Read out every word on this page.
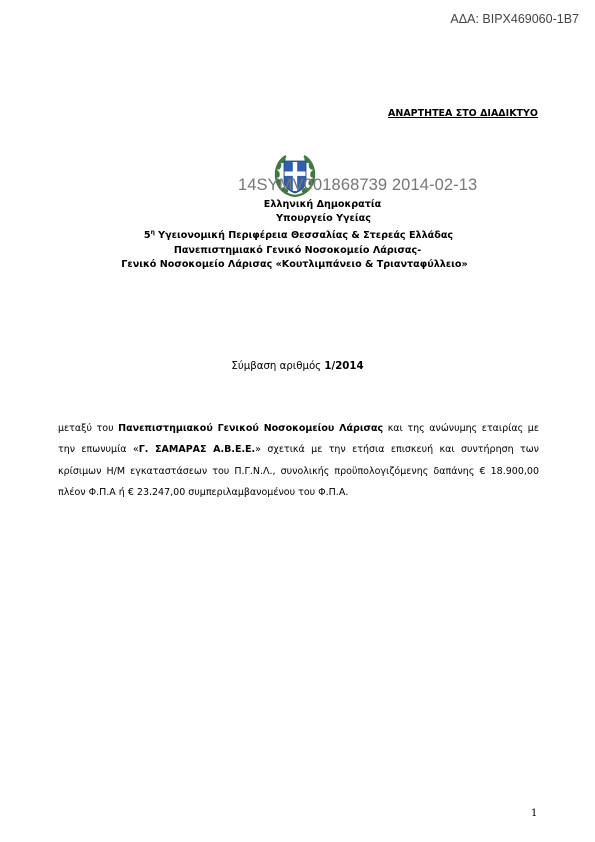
ΑΔΑ: ΒΙΡΧ469060-1Β7
ΑΝΑΡΤΗΤΕΑ ΣΤΟ ΔΙΑΔΙΚΤΥΟ
14SYMV001868739 2014-02-13
Ελληνική Δημοκρατία
Υπουργείο Υγείας
$5^\eta$ Υγειονομική Περιφέρεια Θεσσαλίας & Στερεάς Ελλάδας
Πανεπιστημιακό Γενικό Νοσοκομείο Λάρισας-
Γενικό Νοσοκομείο Λάρισας «Κουτλιμπάνειο & Τριανταφύλλειο»
Σύμβαση αριθμός 1/2014
μεταξύ του Πανεπιστημιακού Γενικού Νοσοκομείου Λάρισας και της ανώνυμης εταιρίας με την επωνυμία «Γ. ΣΑΜΑΡΑΣ Α.Β.Ε.Ε.» σχετικά με την ετήσια επισκευή και συντήρηση των κρίσιμων Η/Μ εγκαταστάσεων του Π.Γ.Ν.Λ., συνολικής προϋπολογιζόμενης δαπάνης € 18.900,00 πλέον Φ.Π.Α ή € 23.247,00 συμπεριλαμβανομένου του Φ.Π.Α.
1
